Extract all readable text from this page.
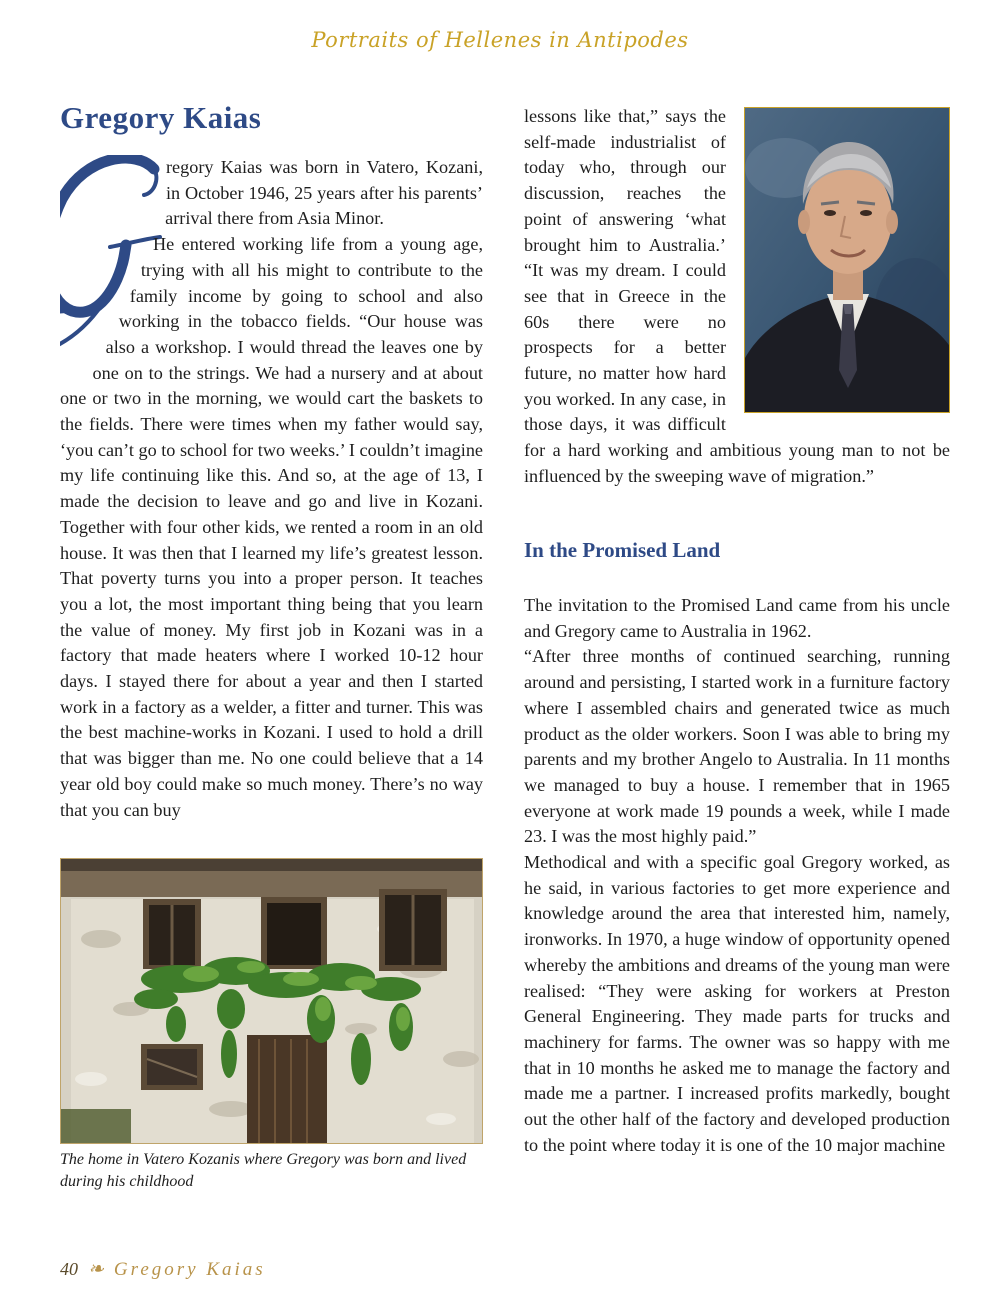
Portraits of Hellenes in Antipodes
Gregory Kaias

regory Kaias was born in Vatero, Kozani, in October 1946, 25 years after his parents’ arrival there from Asia Minor.

He entered working life from a young age, trying with all his might to contribute to the family income by going to school and also working in the tobacco fields. “Our house was also a workshop. I would thread the leaves one by one on to the strings. We had a nursery and at about one or two in the morning, we would cart the baskets to the fields. There were times when my father would say, ‘you can’t go to school for two weeks.’ I couldn’t imagine my life continuing like this. And so, at the age of 13, I made the decision to leave and go and live in Kozani. Together with four other kids, we rented a room in an old house. It was then that I learned my life’s greatest lesson. That poverty turns you into a proper person. It teaches you a lot, the most important thing being that you learn the value of money. My first job in Kozani was in a factory that made heaters where I worked 10-12 hour days. I stayed there for about a year and then I started work in a factory as a welder, a fitter and turner. This was the best machine-works in Kozani. I used to hold a drill that was bigger than me. No one could believe that a 14 year old boy could make so much money. There’s no way that you can buy

The home in Vatero Kozanis where Gregory was born and lived during his childhood

lessons like that,” says the self-made industrialist of today who, through our discussion, reaches the point of answering ‘what brought him to Australia.’ “It was my dream. I could see that in Greece in the 60s there were no prospects for a better future, no matter how hard you worked. In any case, in those days, it was difficult for a hard working and ambitious young man to not be influenced by the sweeping wave of migration.”

In the Promised Land

The invitation to the Promised Land came from his uncle and Gregory came to Australia in 1962.

“After three months of continued searching, running around and persisting, I started work in a furniture factory where I assembled chairs and generated twice as much product as the older workers. Soon I was able to bring my parents and my brother Angelo to Australia. In 11 months we managed to buy a house. I remember that in 1965 everyone at work made 19 pounds a week, while I made 23. I was the most highly paid.”

Methodical and with a specific goal Gregory worked, as he said, in various factories to get more experience and knowledge around the area that interested him, namely, ironworks. In 1970, a huge window of opportunity opened whereby the ambitions and dreams of the young man were realised: “They were asking for workers at Preston General Engineering. They made parts for trucks and machinery for farms. The owner was so happy with me that in 10 months he asked me to manage the factory and made me a partner. I increased profits markedly, bought out the other half of the factory and developed production to the point where today it is one of the 10 major machine

40 ❧ Gregory Kaias
